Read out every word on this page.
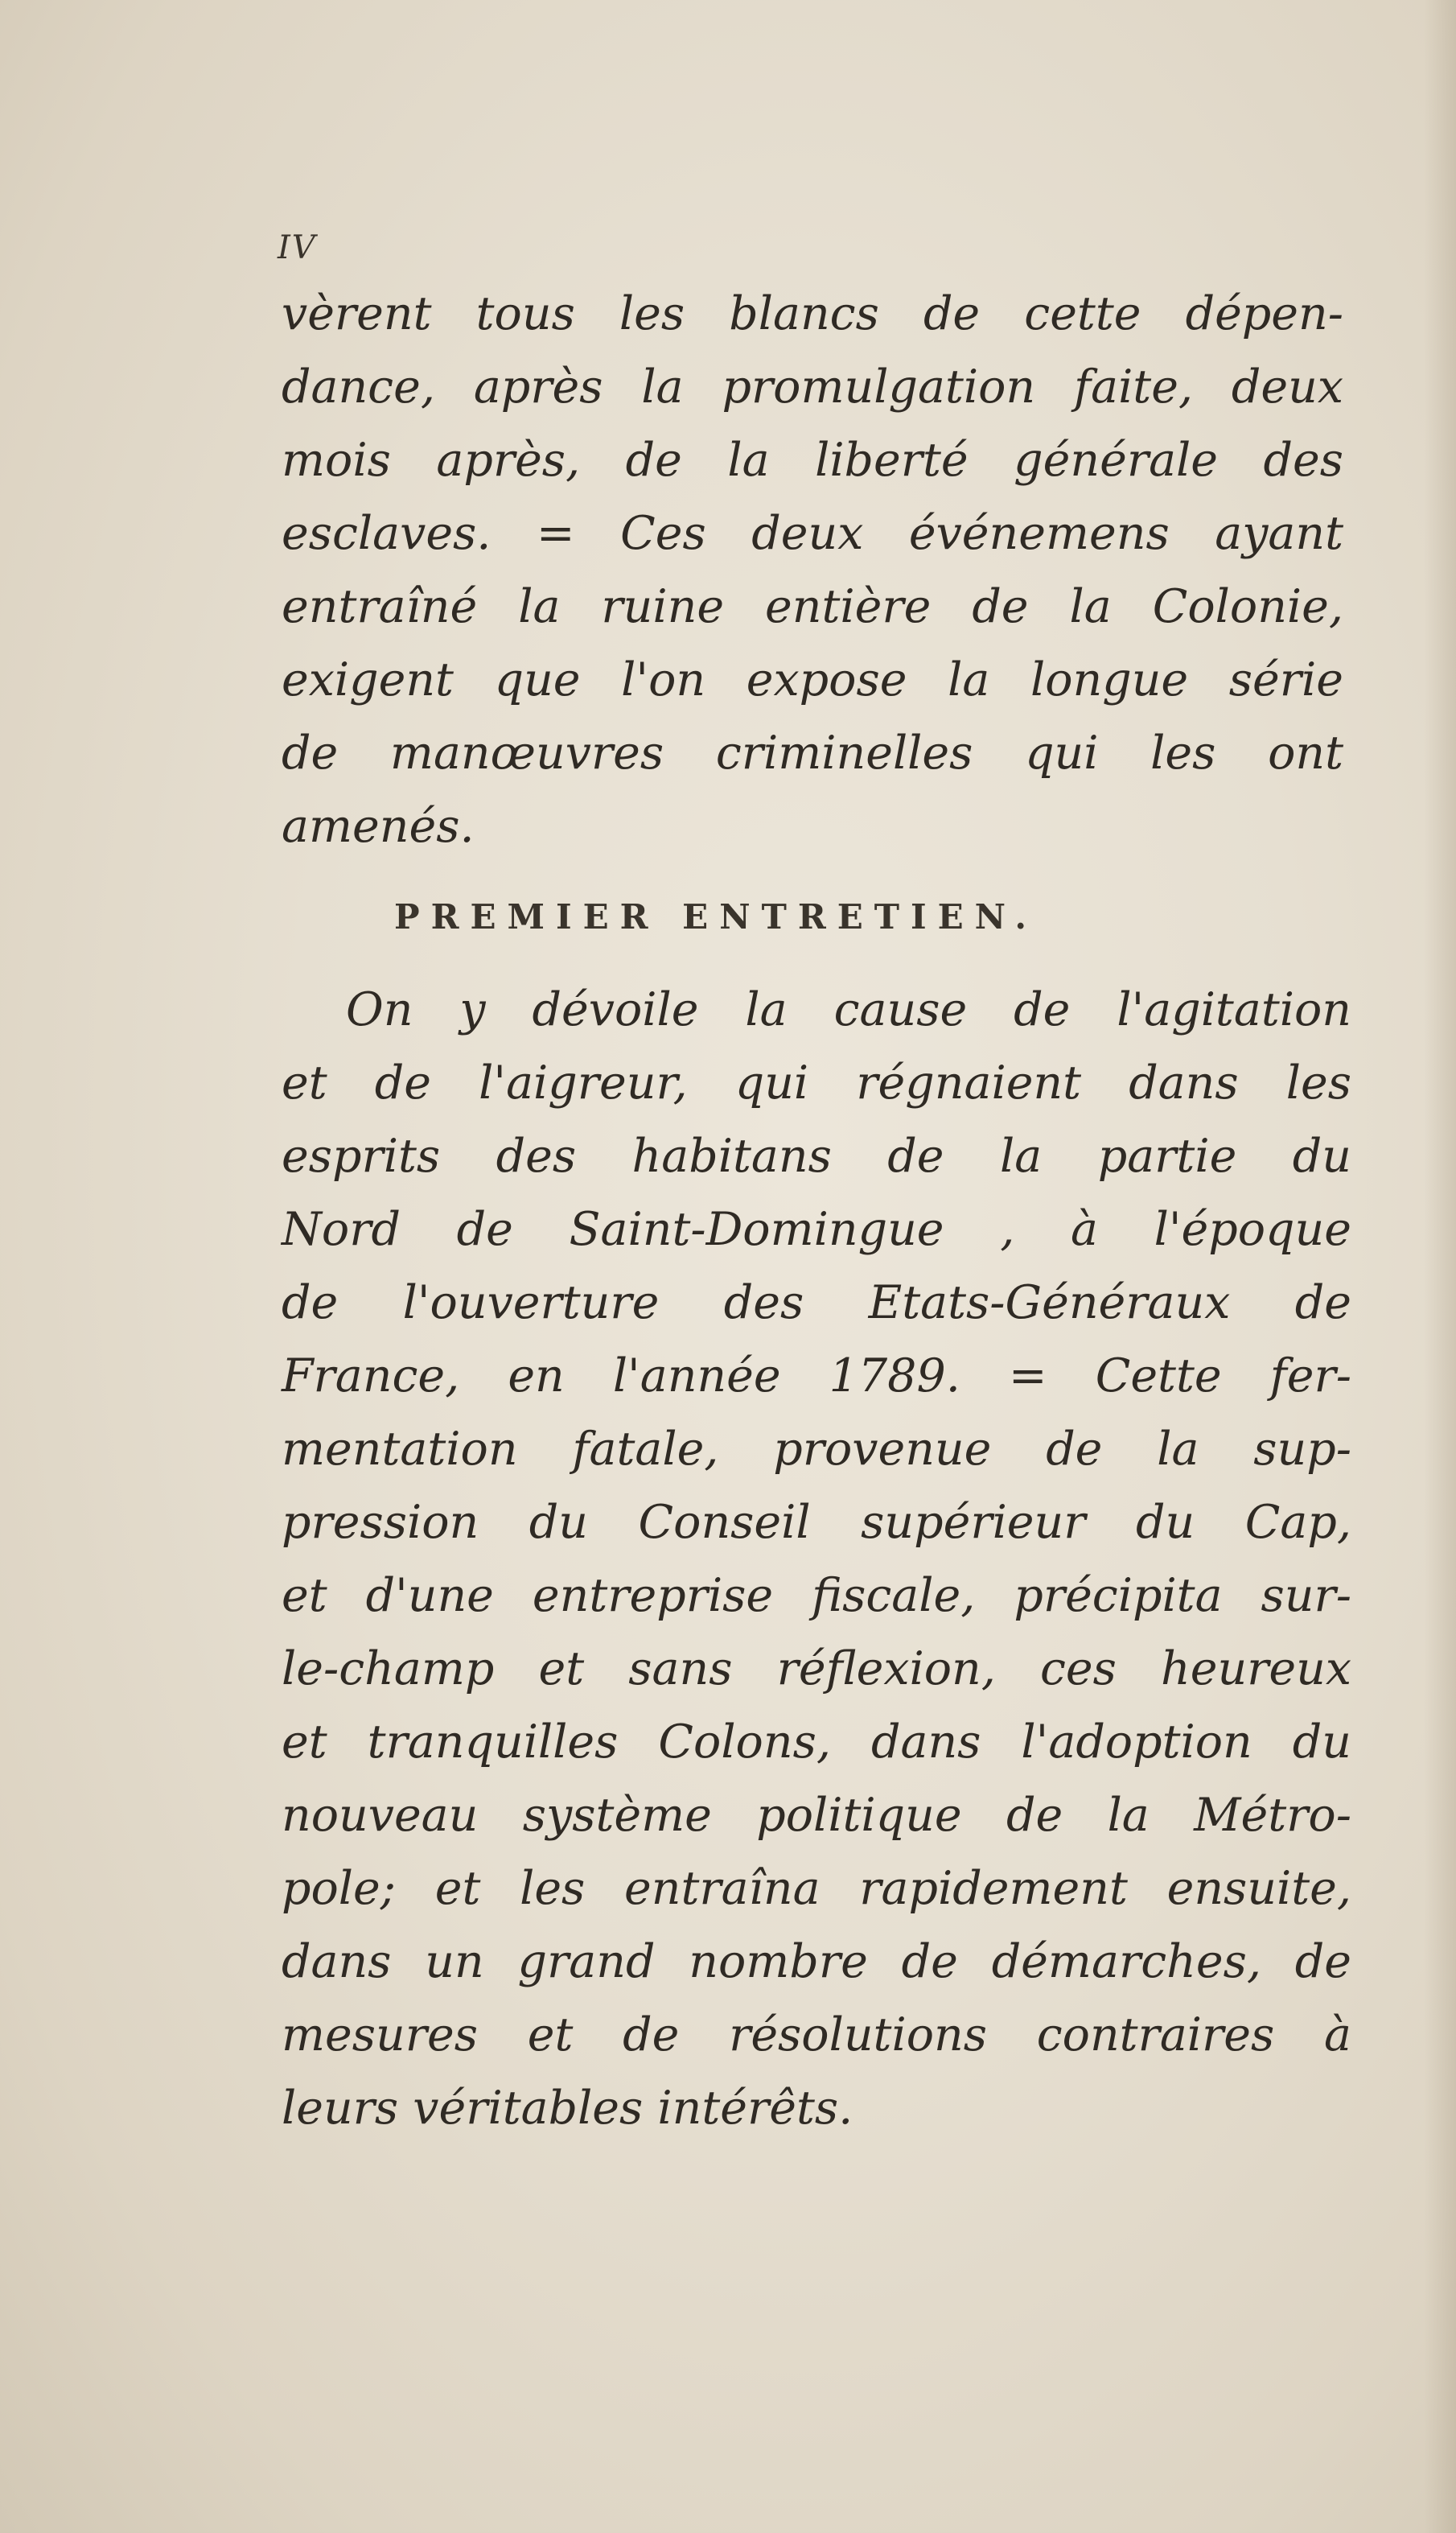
IV
vèrent tous les blancs de cette dépen-
dance, après la promulgation faite, deux
mois après, de la liberté générale des
esclaves. = Ces deux événemens ayant
entraîné la ruine entière de la Colonie,
exigent que l'on expose la longue série
de manœuvres criminelles qui les ont
amenés.
PREMIER ENTRETIEN.
On y dévoile la cause de l'agitation
et de l'aigreur, qui régnaient dans les
esprits des habitans de la partie du
Nord de Saint-Domingue , à l'époque
de l'ouverture des Etats-Généraux de
France, en l'année 1789. = Cette fer-
mentation fatale, provenue de la sup-
pression du Conseil supérieur du Cap,
et d'une entreprise fiscale, précipita sur-
le-champ et sans réflexion, ces heureux
et tranquilles Colons, dans l'adoption du
nouveau système politique de la Métro-
pole; et les entraîna rapidement ensuite,
dans un grand nombre de démarches, de
mesures et de résolutions contraires à
leurs véritables intérêts.
